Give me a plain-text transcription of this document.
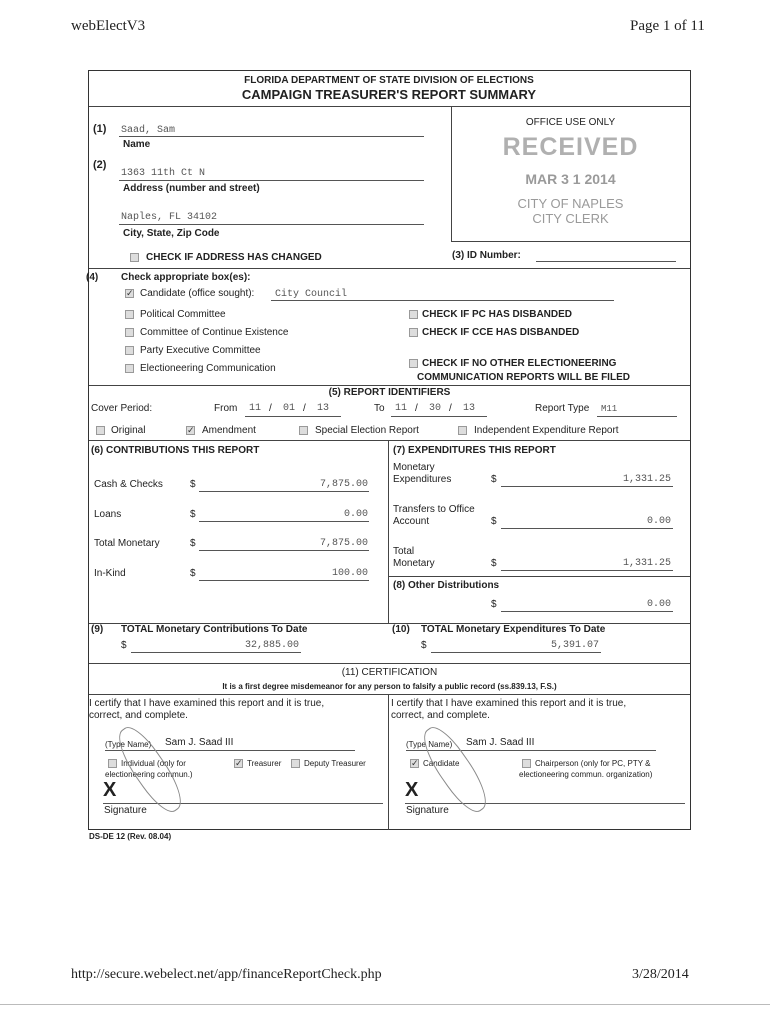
webElectV3	Page 1 of 11
FLORIDA DEPARTMENT OF STATE DIVISION OF ELECTIONS
CAMPAIGN TREASURER'S REPORT SUMMARY
(1) Saad, Sam
Name
(2)
1363 11th Ct N
Address (number and street)
Naples, FL 34102
City, State, Zip Code
CHECK IF ADDRESS HAS CHANGED
OFFICE USE ONLY
RECEIVED
MAR 3 1 2014
CITY OF NAPLES
CITY CLERK
(3) ID Number:
(4) Check appropriate box(es):
✓ Candidate (office sought): City Council
Political Committee
Committee of Continue Existence
Party Executive Committee
Electioneering Communication
CHECK IF PC HAS DISBANDED
CHECK IF CCE HAS DISBANDED
CHECK IF NO OTHER ELECTIONEERING
COMMUNICATION REPORTS WILL BE FILED
(5) REPORT IDENTIFIERS
Cover Period:	From 11 / 01 / 13	To 11 / 30 / 13	Report Type M11
Original	✓ Amendment	Special Election Report	Independent Expenditure Report
(6) CONTRIBUTIONS THIS REPORT
Cash & Checks	$	7,875.00
Loans	$	0.00
Total Monetary	$	7,875.00
In-Kind	$	100.00
(7) EXPENDITURES THIS REPORT
Monetary
Expenditures	$	1,331.25
Transfers to Office
Account	$	0.00
Total
Monetary	$	1,331.25
(8) Other Distributions
$	0.00
(9) TOTAL Monetary Contributions To Date
$	32,885.00
(10) TOTAL Monetary Expenditures To Date
$	5,391.07
(11) CERTIFICATION
It is a first degree misdemeanor for any person to falsify a public record (ss.839.13, F.S.)
I certify that I have examined this report and it is true,
correct, and complete.
(Type Name) Sam J. Saad III
Individual (only for
electioneering commun.)
✓ Treasurer	Deputy Treasurer
X
Signature
I certify that I have examined this report and it is true,
correct, and complete.
(Type Name) Sam J. Saad III
✓ Candidate	Chairperson (only for PC, PTY &
electioneering commun. organization)
X
Signature
DS-DE 12 (Rev. 08.04)
http://secure.webelect.net/app/financeReportCheck.php	3/28/2014
